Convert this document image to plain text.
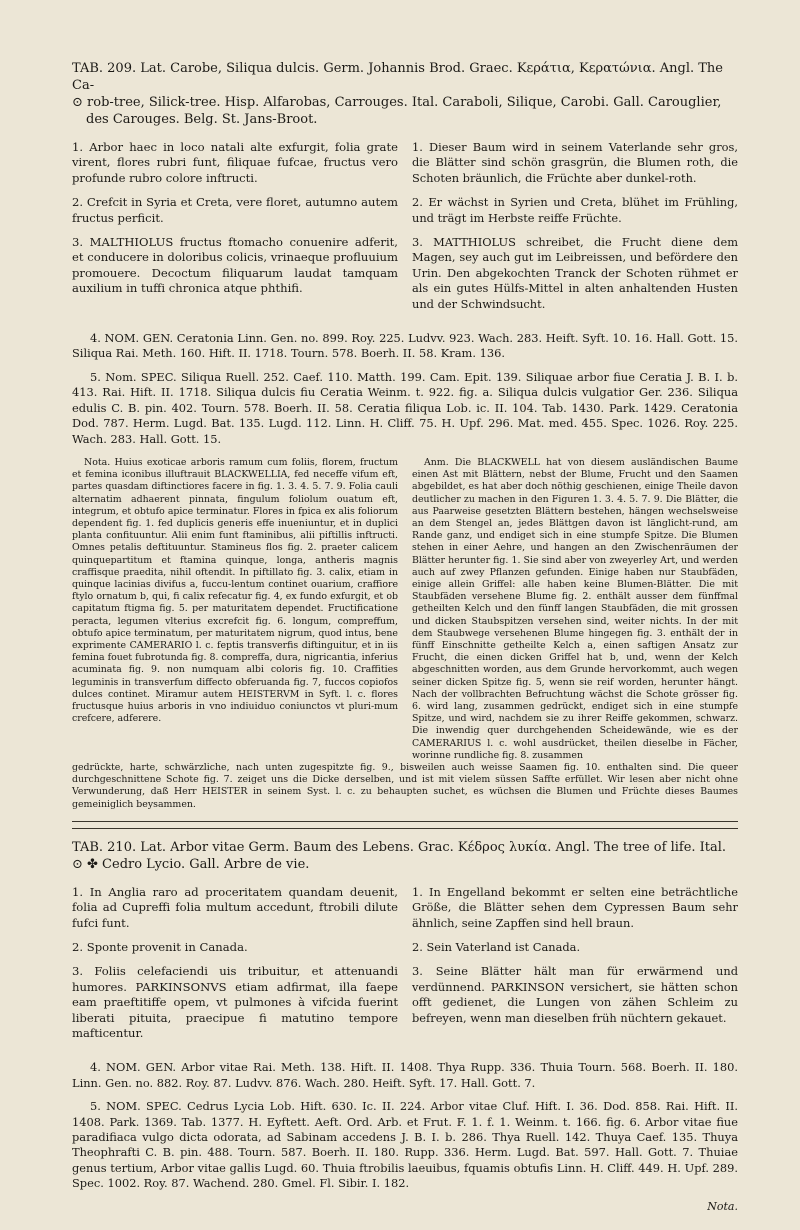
TAB. 209. Lat. Carobe, Siliqua dulcis. Germ. Johannis Brod. Graec. Κεράτια, Κερατώνια. Angl. The Ca-
⊙ rob-tree, Silick-tree. Hisp. Alfarobas, Carrouges. Ital. Caraboli, Silique, Carobi. Gall. Carouglier,
des Carouges. Belg. St. Jans-Broot.

1. Arbor haec in loco natali alte exfurgit, folia grate virent, flores rubri funt, filiquae fufcae, fructus vero profunde rubro colore inftructi.

2. Crefcit in Syria et Creta, vere floret, autumno autem fructus perficit.

3. MALTHIOLUS fructus ftomacho conuenire adferit, et conducere in doloribus colicis, vrinaeque profluuium promouere. Decoctum filiquarum laudat tamquam auxilium in tuffi chronica atque phthifi.

1. Dieser Baum wird in seinem Vaterlande sehr gros, die Blätter sind schön grasgrün, die Blumen roth, die Schoten bräunlich, die Früchte aber dunkel-roth.

2. Er wächst in Syrien und Creta, blühet im Frühling, und trägt im Herbste reiffe Früchte.

3. MATTHIOLUS schreibet, die Frucht diene dem Magen, sey auch gut im Leibreissen, und befördere den Urin. Den abgekochten Tranck der Schoten rühmet er als ein gutes Hülfs-Mittel in alten anhaltenden Husten und der Schwindsucht.

4. NOM. GEN. Ceratonia Linn. Gen. no. 899. Roy. 225. Ludvv. 923. Wach. 283. Heift. Syft. 10. 16. Hall. Gott. 15. Siliqua Rai. Meth. 160. Hift. II. 1718. Tourn. 578. Boerh. II. 58. Kram. 136.

5. Nom. SPEC. Siliqua Ruell. 252. Caef. 110. Matth. 199. Cam. Epit. 139. Siliquae arbor fiue Ceratia J. B. I. b. 413. Rai. Hift. II. 1718. Siliqua dulcis fiu Ceratia Weinm. t. 922. fig. a. Siliqua dulcis vulgatior Ger. 236. Siliqua edulis C. B. pin. 402. Tourn. 578. Boerh. II. 58. Ceratia filiqua Lob. ic. II. 104. Tab. 1430. Park. 1429. Ceratonia Dod. 787. Herm. Lugd. Bat. 135. Lugd. 112. Linn. H. Cliff. 75. H. Upf. 296. Mat. med. 455. Spec. 1026. Roy. 225. Wach. 283. Hall. Gott. 15.

Nota. Huius exoticae arboris ramum cum foliis, florem, fructum et femina iconibus illuftrauit BLACKWELLIA, fed neceffe vifum eft, partes quasdam diftinctiores facere in fig. 1. 3. 4. 5. 7. 9. Folia cauli alternatim adhaerent pinnata, fingulum foliolum ouatum eft, integrum, et obtufo apice terminatur. Flores in fpica ex alis foliorum dependent fig. 1. fed duplicis generis effe inueniuntur, et in duplici planta confituuntur. Alii enim funt ftaminibus, alii piftillis inftructi. Omnes petalis deftituuntur. Stamineus flos fig. 2. praeter calicem quinquepartitum et ftamina quinque, longa, antheris magnis craffisque praedita, nihil oftendit. In piftillato fig. 3. calix, etiam in quinque lacinias divifus a, fuccu-lentum continet ouarium, craffiore ftylo ornatum b, qui, fi calix refecatur fig. 4, ex fundo exfurgit, et ob capitatum ftigma fig. 5. per maturitatem dependet. Fructificatione peracta, legumen vlterius excrefcit fig. 6. longum, compreffum, obtufo apice terminatum, per maturitatem nigrum, quod intus, bene exprimente CAMERARIO l. c. feptis transverfis diftinguitur, et in iis femina fouet fubrotunda fig. 8. compreffa, dura, nigricantia, inferius acuminata fig. 9. non numquam albi coloris fig. 10. Craffities leguminis in transverfum diffecto obferuanda fig. 7, fuccos copiofos dulces continet. Miramur autem HEISTERVM in Syft. l. c. flores fructusque huius arboris in vno indiuiduo coniunctos vt pluri-mum crefcere, adferere.

Anm. Die BLACKWELL hat von diesem ausländischen Baume einen Ast mit Blättern, nebst der Blume, Frucht und den Saamen abgebildet, es hat aber doch nöthig geschienen, einige Theile davon deutlicher zu machen in den Figuren 1. 3. 4. 5. 7. 9. Die Blätter, die aus Paarweise gesetzten Blättern bestehen, hängen wechselsweise an dem Stengel an, jedes Blättgen davon ist länglicht-rund, am Rande ganz, und endiget sich in eine stumpfe Spitze. Die Blumen stehen in einer Aehre, und hangen an den Zwischenräumen der Blätter herunter fig. 1. Sie sind aber von zweyerley Art, und werden auch auf zwey Pflanzen gefunden. Einige haben nur Staubfäden, einige allein Griffel: alle haben keine Blumen-Blätter. Die mit Staubfäden versehene Blume fig. 2. enthält ausser dem fünffmal getheilten Kelch und den fünff langen Staubfäden, die mit grossen und dicken Staubspitzen versehen sind, weiter nichts. In der mit dem Staubwege versehenen Blume hingegen fig. 3. enthält der in fünff Einschnitte getheilte Kelch a, einen saftigen Ansatz zur Frucht, die einen dicken Griffel hat b, und, wenn der Kelch abgeschnitten worden, aus dem Grunde hervorkommt, auch wegen seiner dicken Spitze fig. 5, wenn sie reif worden, herunter hängt. Nach der vollbrachten Befruchtung wächst die Schote grösser fig. 6. wird lang, zusammen gedrückt, endiget sich in eine stumpfe Spitze, und wird, nachdem sie zu ihrer Reiffe gekommen, schwarz. Die inwendig quer durchgehenden Scheidewände, wie es der CAMERARIUS l. c. wohl ausdrücket, theilen dieselbe in Fächer, worinne rundliche fig. 8. zusammen

gedrückte, harte, schwärzliche, nach unten zugespitzte fig. 9., bisweilen auch weisse Saamen fig. 10. enthalten sind. Die queer durchgeschnittene Schote fig. 7. zeiget uns die Dicke derselben, und ist mit vielem süssen Saffte erfüllet. Wir lesen aber nicht ohne Verwunderung, daß Herr HEISTER in seinem Syst. l. c. zu behaupten suchet, es wüchsen die Blumen und Früchte dieses Baumes gemeiniglich beysammen.

TAB. 210. Lat. Arbor vitae Germ. Baum des Lebens. Grac. Κέδρος λυκία. Angl. The tree of life. Ital.
⊙ ✤ Cedro Lycio. Gall. Arbre de vie.

1. In Anglia raro ad proceritatem quandam deuenit, folia ad Cupreffi folia multum accedunt, ftrobili dilute fufci funt.

2. Sponte provenit in Canada.

3. Foliis celefaciendi uis tribuitur, et attenuandi humores. PARKINSONVS etiam adfirmat, illa faepe eam praeftitiffe opem, vt pulmones à vifcida fuerint liberati pituita, praecipue fi matutino tempore mafticentur.

1. In Engelland bekommt er selten eine beträchtliche Größe, die Blätter sehen dem Cypressen Baum sehr ähnlich, seine Zapffen sind hell braun.

2. Sein Vaterland ist Canada.

3. Seine Blätter hält man für erwärmend und verdünnend. PARKINSON versichert, sie hätten schon offt gedienet, die Lungen von zähen Schleim zu befreyen, wenn man dieselben früh nüchtern gekauet.

4. NOM. GEN. Arbor vitae Rai. Meth. 138. Hift. II. 1408. Thya Rupp. 336. Thuia Tourn. 568. Boerh. II. 180. Linn. Gen. no. 882. Roy. 87. Ludvv. 876. Wach. 280. Heift. Syft. 17. Hall. Gott. 7.

5. NOM. SPEC. Cedrus Lycia Lob. Hift. 630. Ic. II. 224. Arbor vitae Cluf. Hift. I. 36. Dod. 858. Rai. Hift. II. 1408. Park. 1369. Tab. 1377. H. Eyftett. Aeft. Ord. Arb. et Frut. F. 1. f. 1. Weinm. t. 166. fig. 6. Arbor vitae fiue paradifiaca vulgo dicta odorata, ad Sabinam accedens J. B. I. b. 286. Thya Ruell. 142. Thuya Caef. 135. Thuya Theophrafti C. B. pin. 488. Tourn. 587. Boerh. II. 180. Rupp. 336. Herm. Lugd. Bat. 597. Hall. Gott. 7. Thuiae genus tertium, Arbor vitae gallis Lugd. 60. Thuia ftrobilis laeuibus, fquamis obtufis Linn. H. Cliff. 449. H. Upf. 289. Spec. 1002. Roy. 87. Wachend. 280. Gmel. Fl. Sibir. I. 182.

Nota.
